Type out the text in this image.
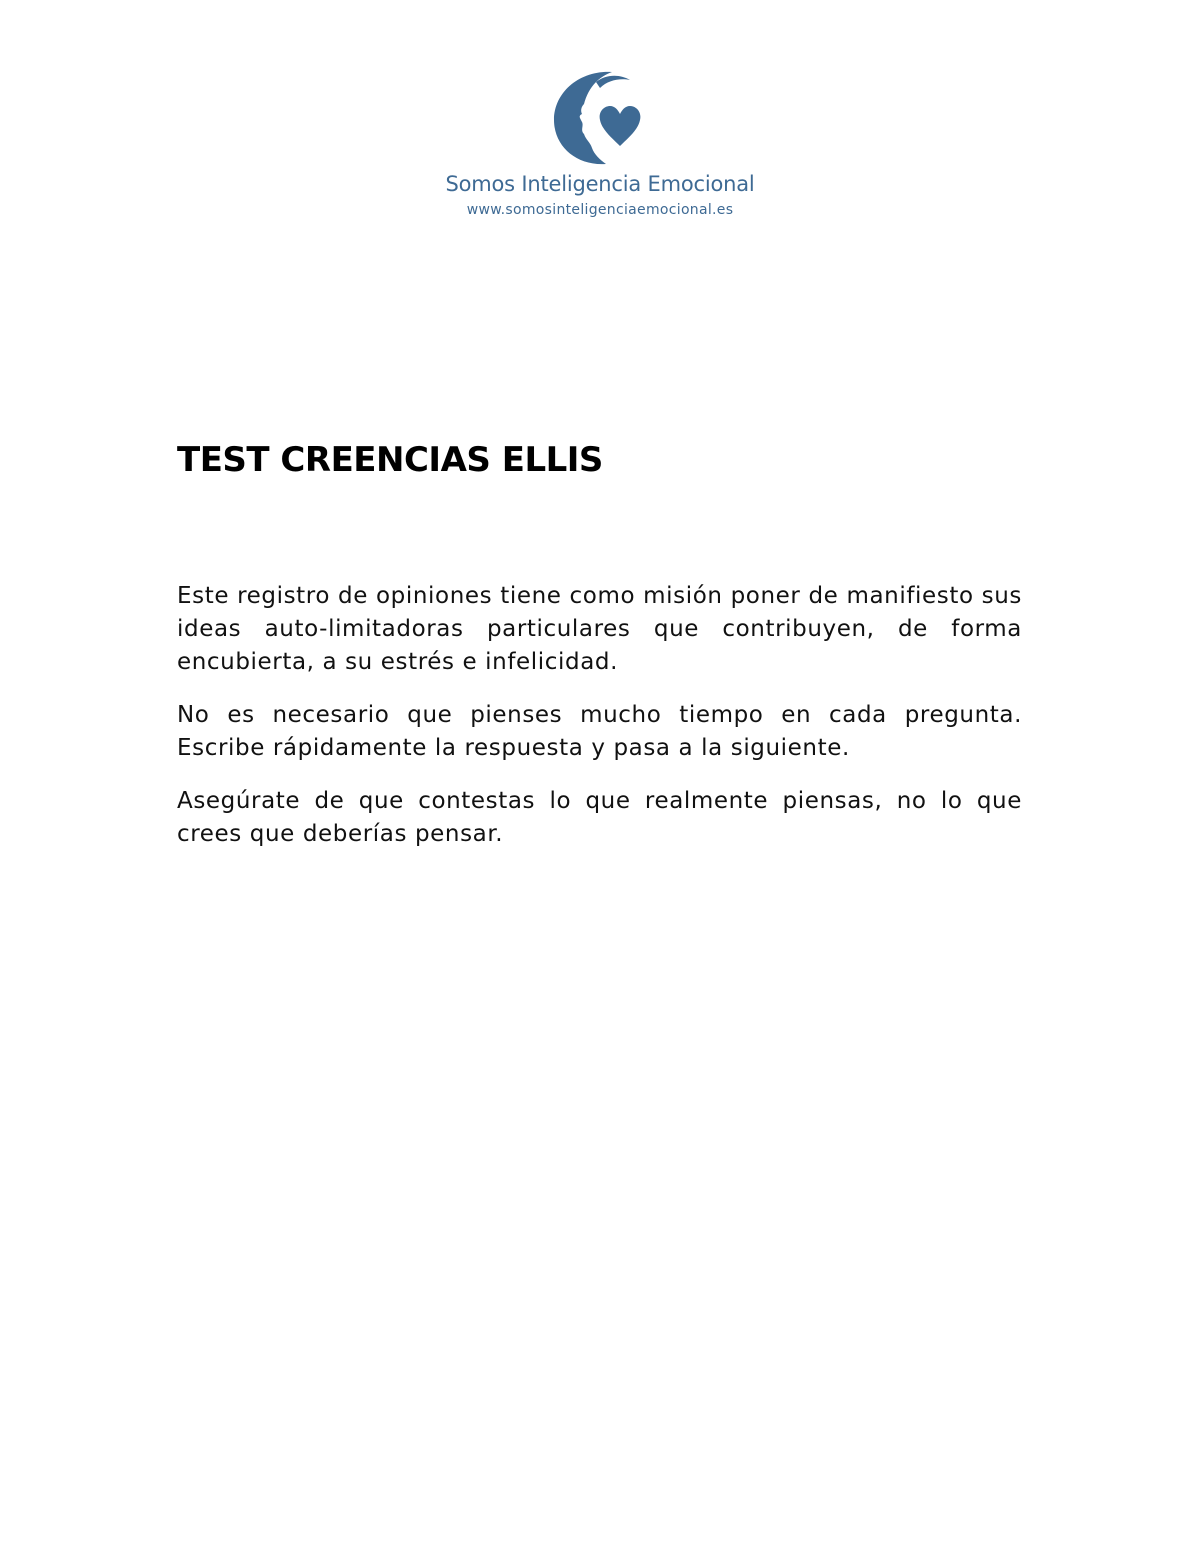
Somos Inteligencia Emocional
www.somosinteligenciaemocional.es
TEST CREENCIAS ELLIS

Este registro de opiniones tiene como misión poner de manifiesto sus ideas auto-limitadoras particulares que contribuyen, de forma encubierta, a su estrés e infelicidad.

No es necesario que pienses mucho tiempo en cada pregunta. Escribe rápidamente la respuesta y pasa a la siguiente.

Asegúrate de que contestas lo que realmente piensas, no lo que crees que deberías pensar.
